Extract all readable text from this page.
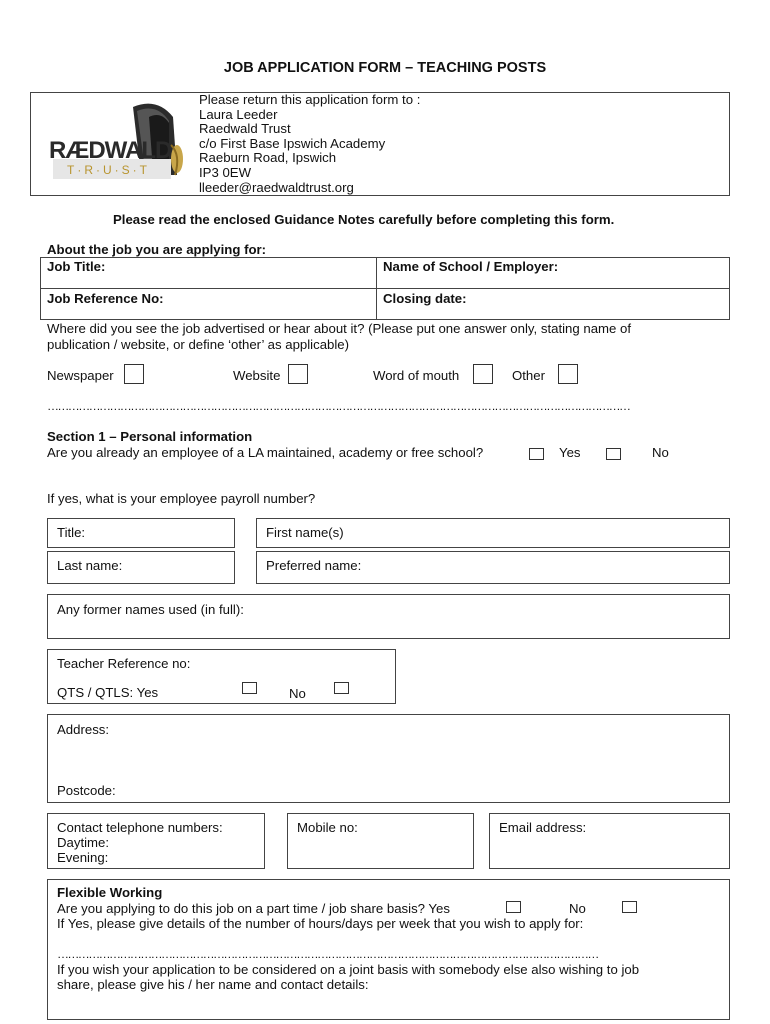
JOB APPLICATION FORM – TEACHING POSTS
RÆDWALD
T·R·U·S·T
Please return this application form to :
Laura Leeder
Raedwald Trust
c/o First Base Ipswich Academy
Raeburn Road, Ipswich
IP3 0EW
lleeder@raedwaldtrust.org
Please read the enclosed Guidance Notes carefully before completing this form.
About the job you are applying for:
Job Title:	Name of School / Employer:
Job Reference No:	Closing date:
Where did you see the job advertised or hear about it? (Please put one answer only, stating name of
publication / website, or define ‘other’ as applicable)
Newspaper	Website	Word of mouth	Other
……………………………………………………………………………………………………………………………………………………
Section 1 – Personal information
Are you already an employee of a LA maintained, academy or free school?	Yes	No
If yes, what is your employee payroll number?
Title:	First name(s)
Last name:	Preferred name:
Any former names used (in full):
Teacher Reference no:
QTS / QTLS: Yes	No
Address:
Postcode:
Contact telephone numbers:
Daytime:
Evening:
Mobile no:	Email address:
Flexible Working
Are you applying to do this job on a part time / job share basis? Yes	No
If Yes, please give details of the number of hours/days per week that you wish to apply for:
…………………………………………………………………………………………………………………………………………
If you wish your application to be considered on a joint basis with somebody else also wishing to job
share, please give his / her name and contact details:
